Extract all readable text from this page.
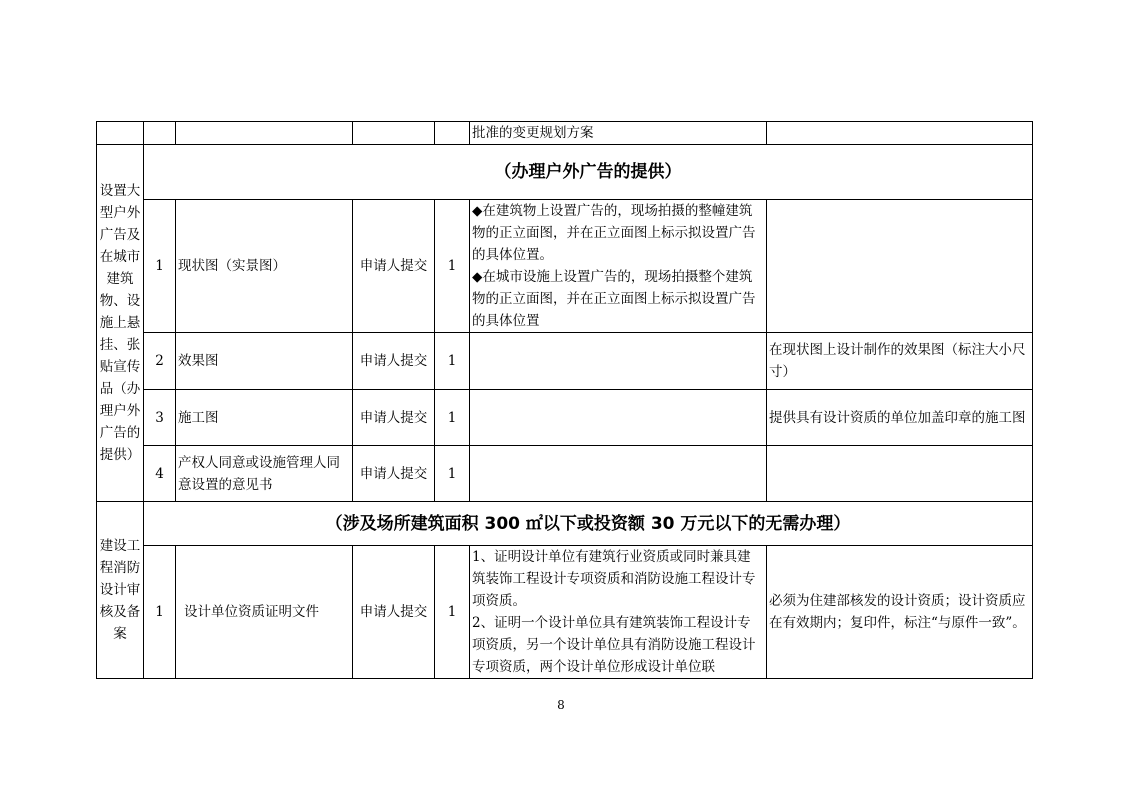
					批准的变更规划方案	
设置大型户外广告及在城市建筑物、设施上悬挂、张贴宣传品（办理户外广告的提供）	（办理户外广告的提供）					
	1	现状图（实景图）	申请人提交	1	◆在建筑物上设置广告的，现场拍摄的整幢建筑物的正立面图，并在正立面图上标示拟设置广告的具体位置。
◆在城市设施上设置广告的，现场拍摄整个建筑物的正立面图，并在正立面图上标示拟设置广告的具体位置	
	2	效果图	申请人提交	1		在现状图上设计制作的效果图（标注大小尺寸）
	3	施工图	申请人提交	1		提供具有设计资质的单位加盖印章的施工图
	4	产权人同意或设施管理人同意设置的意见书	申请人提交	1		
建设工程消防设计审核及备案	（涉及场所建筑面积 300 ㎡以下或投资额 30 万元以下的无需办理）					
	1	设计单位资质证明文件	申请人提交	1	1、证明设计单位有建筑行业资质或同时兼具建筑装饰工程设计专项资质和消防设施工程设计专项资质。
2、证明一个设计单位具有建筑装饰工程设计专项资质，另一个设计单位具有消防设施工程设计专项资质，两个设计单位形成设计单位联	必须为住建部核发的设计资质；设计资质应在有效期内；复印件，标注“与原件一致”。
8
